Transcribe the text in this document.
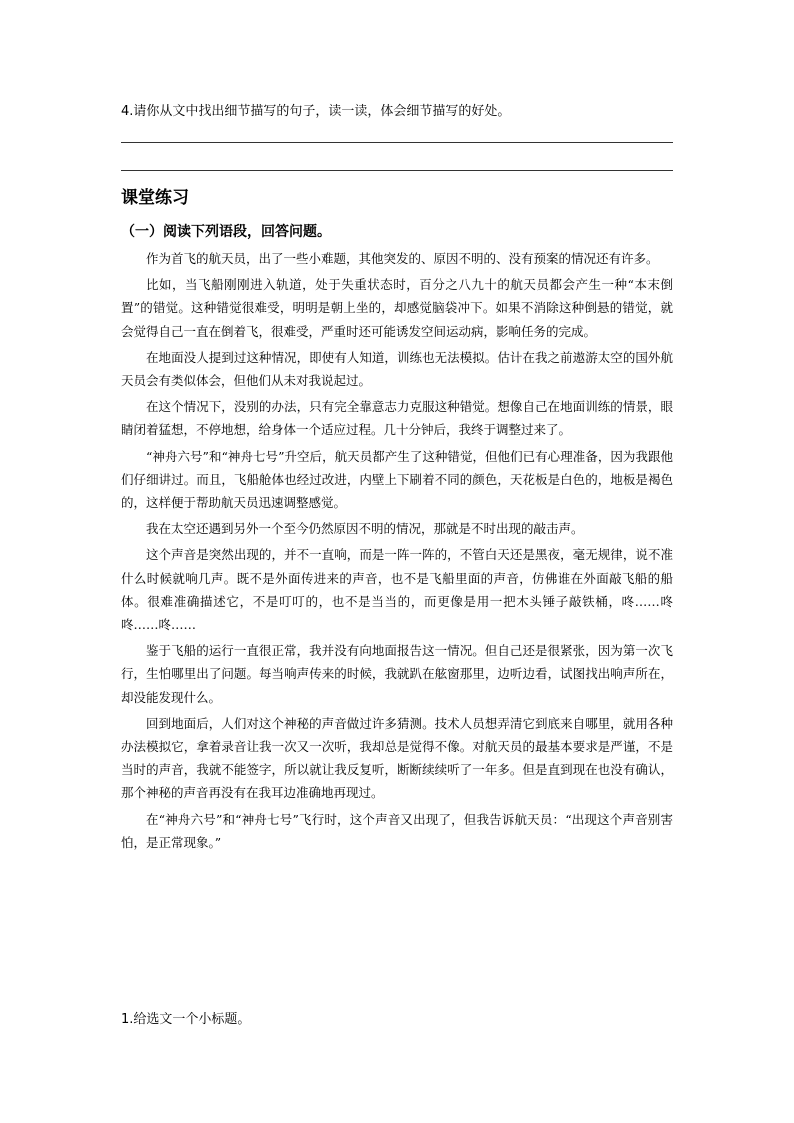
4.请你从文中找出细节描写的句子，读一读，体会细节描写的好处。
课堂练习
（一）阅读下列语段，回答问题。

作为首飞的航天员，出了一些小难题，其他突发的、原因不明的、没有预案的情况还有许多。

比如，当飞船刚刚进入轨道，处于失重状态时，百分之八九十的航天员都会产生一种“本末倒置”的错觉。这种错觉很难受，明明是朝上坐的，却感觉脑袋冲下。如果不消除这种倒悬的错觉，就会觉得自己一直在倒着飞，很难受，严重时还可能诱发空间运动病，影响任务的完成。

在地面没人提到过这种情况，即使有人知道，训练也无法模拟。估计在我之前遨游太空的国外航天员会有类似体会，但他们从未对我说起过。

在这个情况下，没别的办法，只有完全靠意志力克服这种错觉。想像自己在地面训练的情景，眼睛闭着猛想，不停地想，给身体一个适应过程。几十分钟后，我终于调整过来了。

“神舟六号”和“神舟七号”升空后，航天员都产生了这种错觉，但他们已有心理准备，因为我跟他们仔细讲过。而且，飞船舱体也经过改进，内壁上下刷着不同的颜色，天花板是白色的，地板是褐色的，这样便于帮助航天员迅速调整感觉。

我在太空还遇到另外一个至今仍然原因不明的情况，那就是不时出现的敲击声。

这个声音是突然出现的，并不一直响，而是一阵一阵的，不管白天还是黑夜，毫无规律，说不准什么时候就响几声。既不是外面传进来的声音，也不是飞船里面的声音，仿佛谁在外面敲飞船的船体。很难准确描述它，不是叮叮的，也不是当当的，而更像是用一把木头锤子敲铁桶，咚……咚咚……咚……

鉴于飞船的运行一直很正常，我并没有向地面报告这一情况。但自己还是很紧张，因为第一次飞行，生怕哪里出了问题。每当响声传来的时候，我就趴在舷窗那里，边听边看，试图找出响声所在，却没能发现什么。

回到地面后，人们对这个神秘的声音做过许多猜测。技术人员想弄清它到底来自哪里，就用各种办法模拟它，拿着录音让我一次又一次听，我却总是觉得不像。对航天员的最基本要求是严谨，不是当时的声音，我就不能签字，所以就让我反复听，断断续续听了一年多。但是直到现在也没有确认，那个神秘的声音再没有在我耳边准确地再现过。

在“神舟六号”和“神舟七号”飞行时，这个声音又出现了，但我告诉航天员：“出现这个声音别害怕，是正常现象。”

1.给选文一个小标题。
